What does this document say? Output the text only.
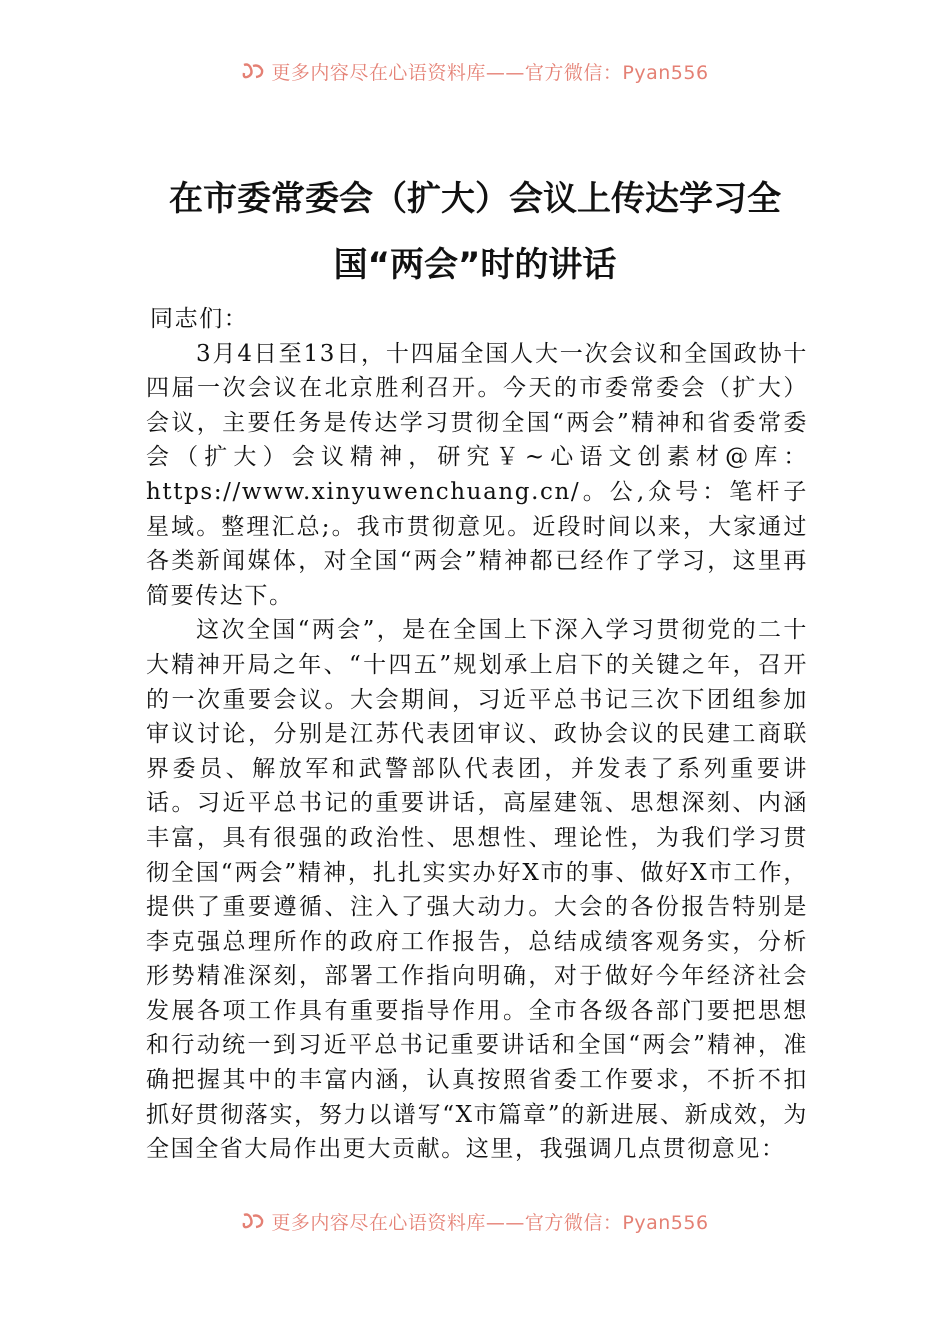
更多内容尽在心语资料库——官方微信：Pyan556
在市委常委会（扩大）会议上传达学习全
国“两会”时的讲话

同志们：

3月4日至13日，十四届全国人大一次会议和全国政协十四届一次会议在北京胜利召开。今天的市委常委会（扩大）会议，主要任务是传达学习贯彻全国“两会”精神和省委常委会（扩大）会议精神，研究￥~心语文创素材@库：https://www.xinyuwenchuang.cn/。公,众号：笔杆子星域。整理汇总;。我市贯彻意见。近段时间以来，大家通过各类新闻媒体，对全国“两会”精神都已经作了学习，这里再简要传达下。

这次全国“两会”，是在全国上下深入学习贯彻党的二十大精神开局之年、“十四五”规划承上启下的关键之年，召开的一次重要会议。大会期间，习近平总书记三次下团组参加审议讨论，分别是江苏代表团审议、政协会议的民建工商联界委员、解放军和武警部队代表团，并发表了系列重要讲话。习近平总书记的重要讲话，高屋建瓴、思想深刻、内涵丰富，具有很强的政治性、思想性、理论性，为我们学习贯彻全国“两会”精神，扎扎实实办好X市的事、做好X市工作，提供了重要遵循、注入了强大动力。大会的各份报告特别是李克强总理所作的政府工作报告，总结成绩客观务实，分析形势精准深刻，部署工作指向明确，对于做好今年经济社会发展各项工作具有重要指导作用。全市各级各部门要把思想和行动统一到习近平总书记重要讲话和全国“两会”精神，准确把握其中的丰富内涵，认真按照省委工作要求，不折不扣抓好贯彻落实，努力以谱写“X市篇章”的新进展、新成效，为全国全省大局作出更大贡献。这里，我强调几点贯彻意见：

更多内容尽在心语资料库——官方微信：Pyan556
